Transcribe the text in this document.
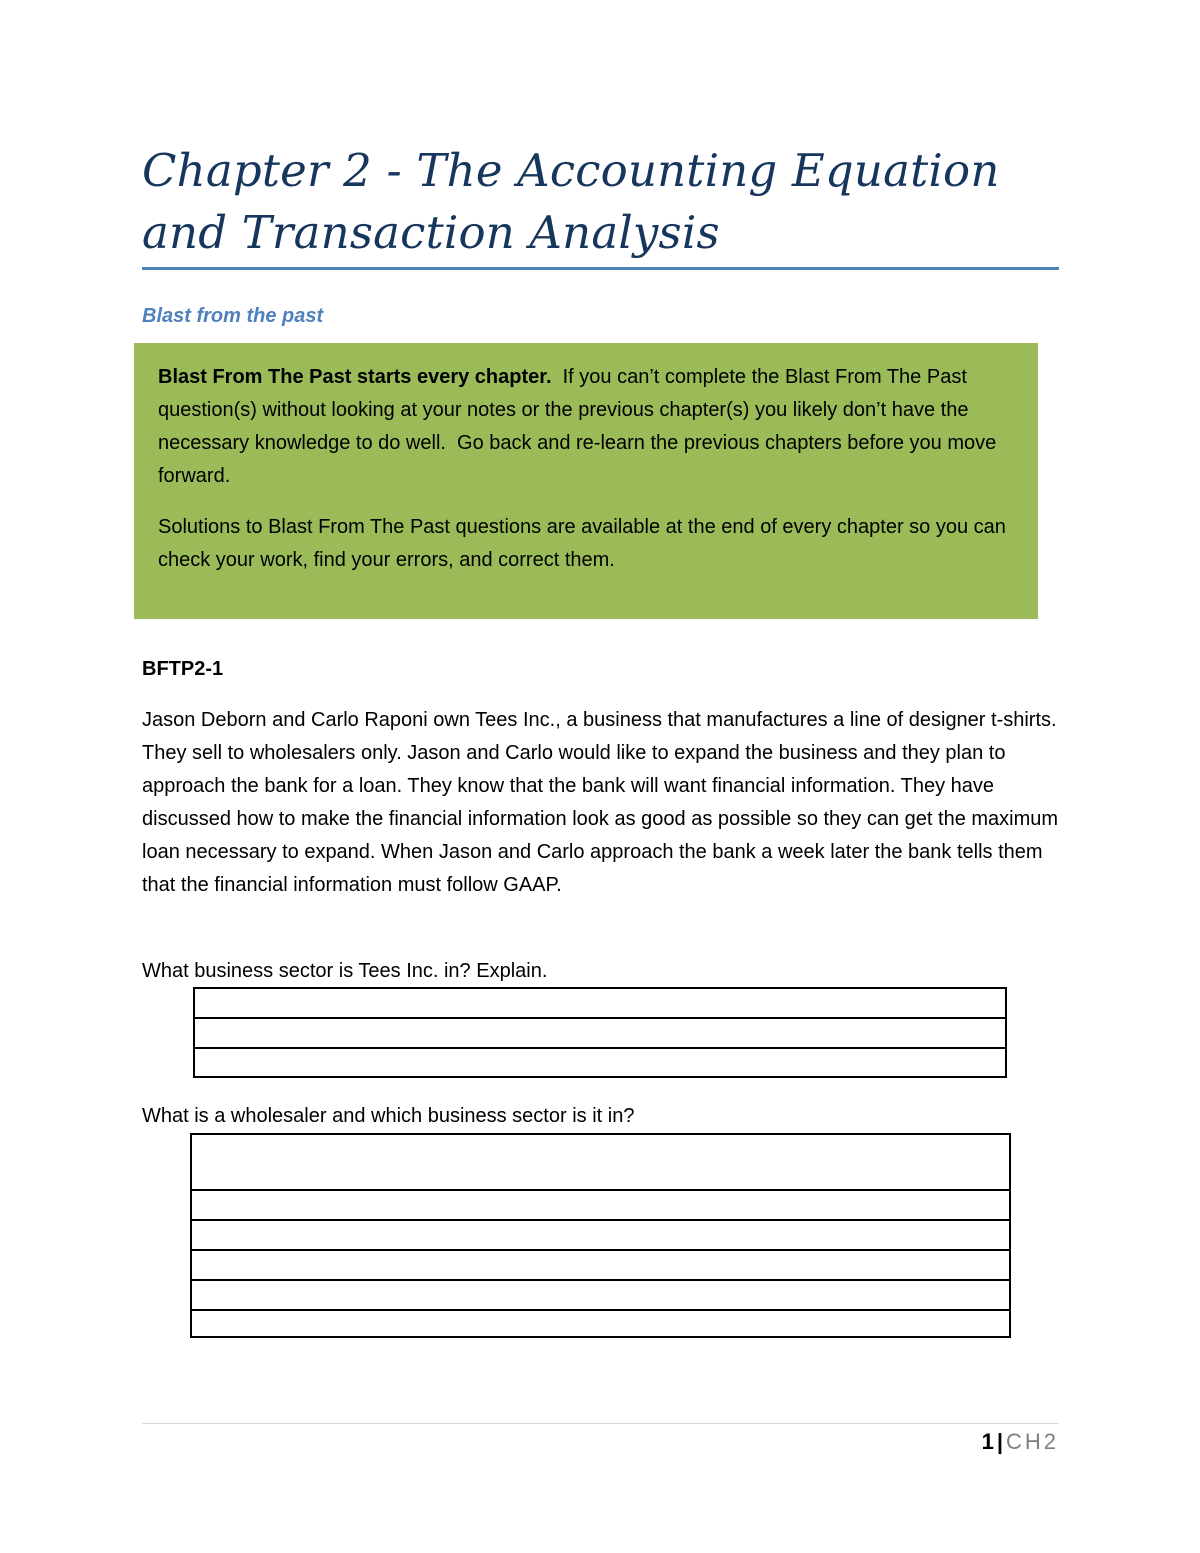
Chapter 2 - The Accounting Equation and Transaction Analysis
Blast from the past

Blast From The Past starts every chapter.  If you can’t complete the Blast From The Past question(s) without looking at your notes or the previous chapter(s) you likely don’t have the necessary knowledge to do well.  Go back and re-learn the previous chapters before you move forward.

Solutions to Blast From The Past questions are available at the end of every chapter so you can check your work, find your errors, and correct them.

BFTP2-1

Jason Deborn and Carlo Raponi own Tees Inc., a business that manufactures a line of designer t-shirts. They sell to wholesalers only. Jason and Carlo would like to expand the business and they plan to approach the bank for a loan. They know that the bank will want financial information. They have discussed how to make the financial information look as good as possible so they can get the maximum loan necessary to expand. When Jason and Carlo approach the bank a week later the bank tells them that the financial information must follow GAAP.

What business sector is Tees Inc. in? Explain.

What is a wholesaler and which business sector is it in?

1 | CH2
